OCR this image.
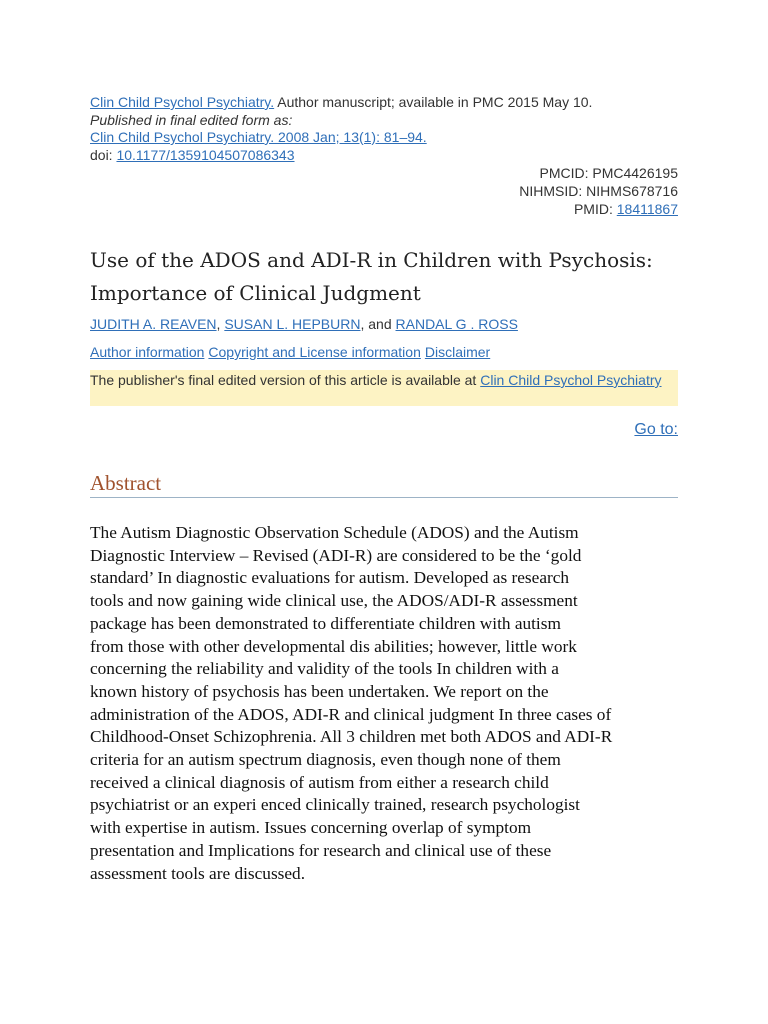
Clin Child Psychol Psychiatry. Author manuscript; available in PMC 2015 May 10.
Published in final edited form as:
Clin Child Psychol Psychiatry. 2008 Jan; 13(1): 81–94.
doi: 10.1177/1359104507086343
PMCID: PMC4426195
NIHMSID: NIHMS678716
PMID: 18411867
Use of the ADOS and ADI-R in Children with Psychosis:
Importance of Clinical Judgment
JUDITH A. REAVEN, SUSAN L. HEPBURN, and RANDAL G . ROSS
Author information Copyright and License information Disclaimer
The publisher's final edited version of this article is available at Clin Child Psychol Psychiatry
Go to:
Abstract

The Autism Diagnostic Observation Schedule (ADOS) and the Autism
Diagnostic Interview – Revised (ADI-R) are considered to be the ‘gold
standard’ In diagnostic evaluations for autism. Developed as research
tools and now gaining wide clinical use, the ADOS/ADI-R assessment
package has been demonstrated to differentiate children with autism
from those with other developmental dis abilities; however, little work
concerning the reliability and validity of the tools In children with a
known history of psychosis has been undertaken. We report on the
administration of the ADOS, ADI-R and clinical judgment In three cases of
Childhood-Onset Schizophrenia. All 3 children met both ADOS and ADI-R
criteria for an autism spectrum diagnosis, even though none of them
received a clinical diagnosis of autism from either a research child
psychiatrist or an experi enced clinically trained, research psychologist
with expertise in autism. Issues concerning overlap of symptom
presentation and Implications for research and clinical use of these
assessment tools are discussed.
